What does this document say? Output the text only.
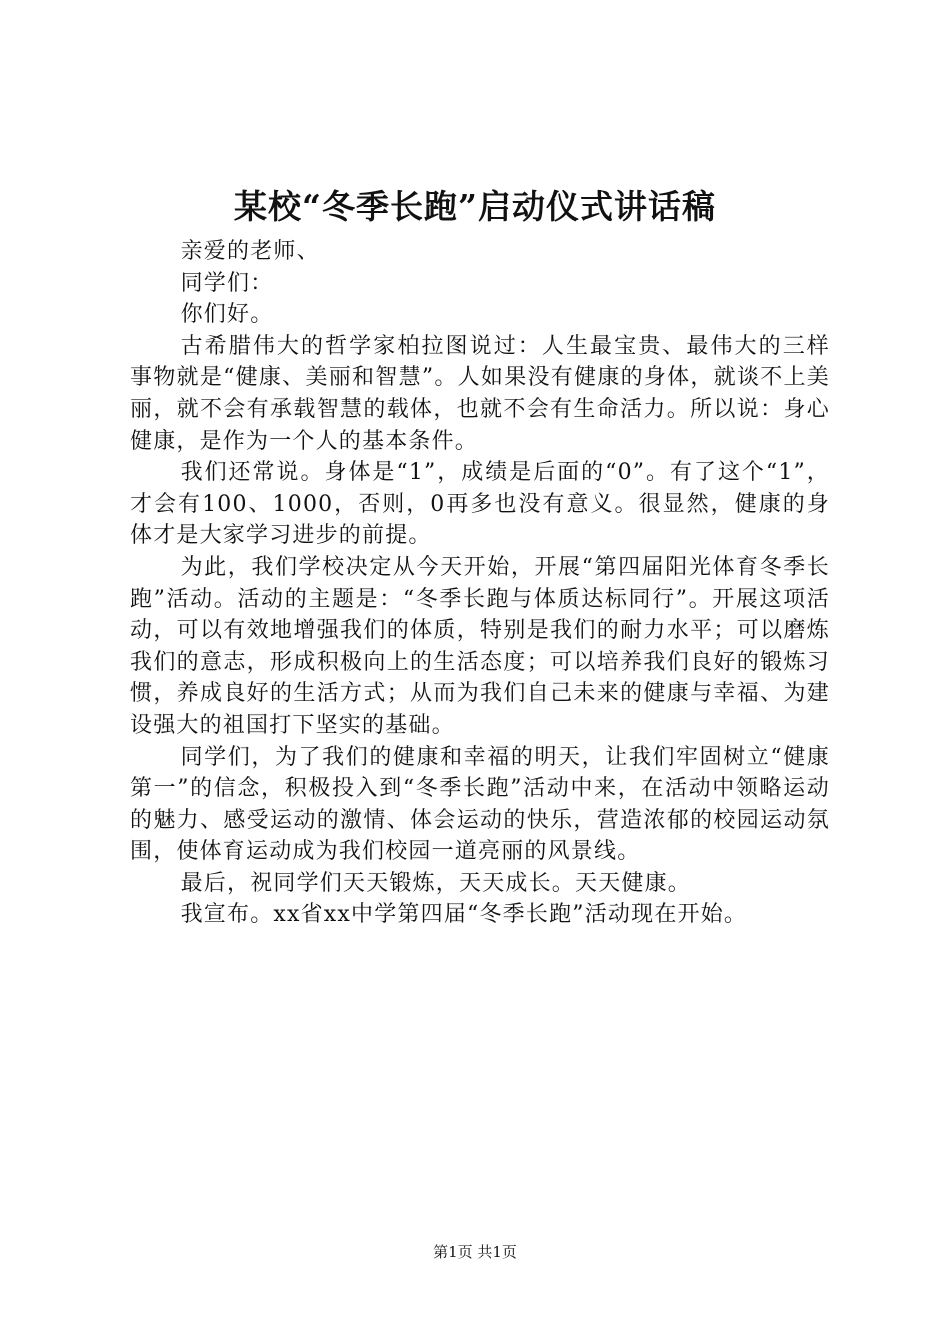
某校“冬季长跑”启动仪式讲话稿

亲爱的老师、

同学们：

你们好。

古希腊伟大的哲学家柏拉图说过：人生最宝贵、最伟大的三样事物就是“健康、美丽和智慧”。人如果没有健康的身体，就谈不上美丽，就不会有承载智慧的载体，也就不会有生命活力。所以说：身心健康，是作为一个人的基本条件。

我们还常说。身体是“1”，成绩是后面的“0”。有了这个“1”，才会有100、1000，否则，0再多也没有意义。很显然，健康的身体才是大家学习进步的前提。

为此，我们学校决定从今天开始，开展“第四届阳光体育冬季长跑”活动。活动的主题是：“冬季长跑与体质达标同行”。开展这项活动，可以有效地增强我们的体质，特别是我们的耐力水平；可以磨炼我们的意志，形成积极向上的生活态度；可以培养我们良好的锻炼习惯，养成良好的生活方式；从而为我们自己未来的健康与幸福、为建设强大的祖国打下坚实的基础。

同学们，为了我们的健康和幸福的明天，让我们牢固树立“健康第一”的信念，积极投入到“冬季长跑”活动中来，在活动中领略运动的魅力、感受运动的激情、体会运动的快乐，营造浓郁的校园运动氛围，使体育运动成为我们校园一道亮丽的风景线。

最后，祝同学们天天锻炼，天天成长。天天健康。

我宣布。xx省xx中学第四届“冬季长跑”活动现在开始。

第1页 共1页
